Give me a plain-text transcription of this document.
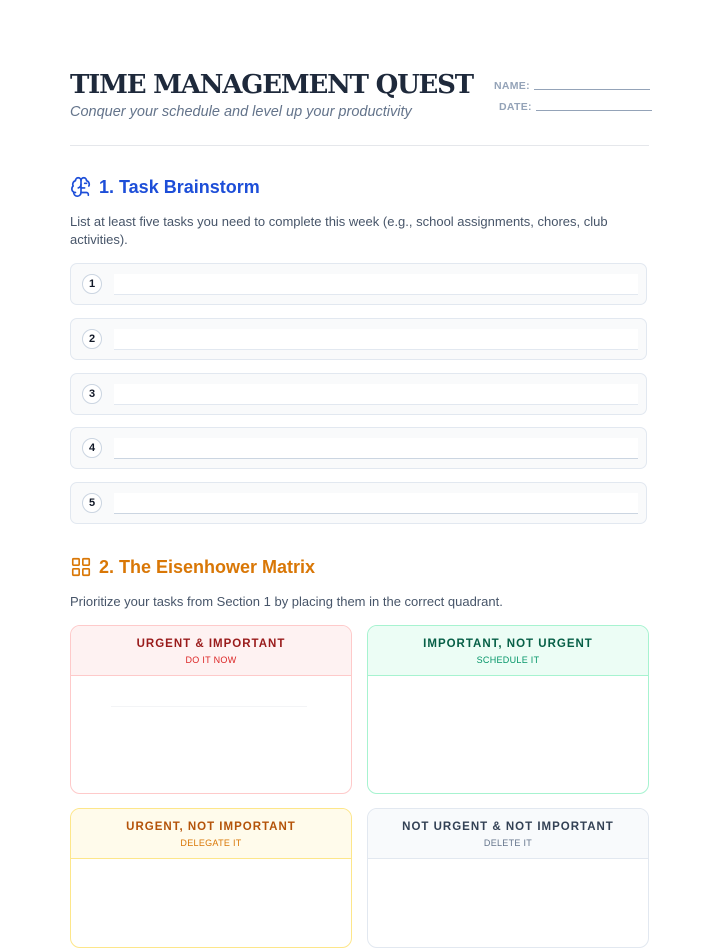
TIME MANAGEMENT QUEST

Conquer your schedule and level up your productivity

NAME:
DATE:
1. Task Brainstorm

List at least five tasks you need to complete this week (e.g., school assignments, chores, club activities).

1
2
3
4
5
2. The Eisenhower Matrix

Prioritize your tasks from Section 1 by placing them in the correct quadrant.

URGENT & IMPORTANT

DO IT NOW

IMPORTANT, NOT URGENT

SCHEDULE IT

URGENT, NOT IMPORTANT

DELEGATE IT

NOT URGENT & NOT IMPORTANT

DELETE IT
